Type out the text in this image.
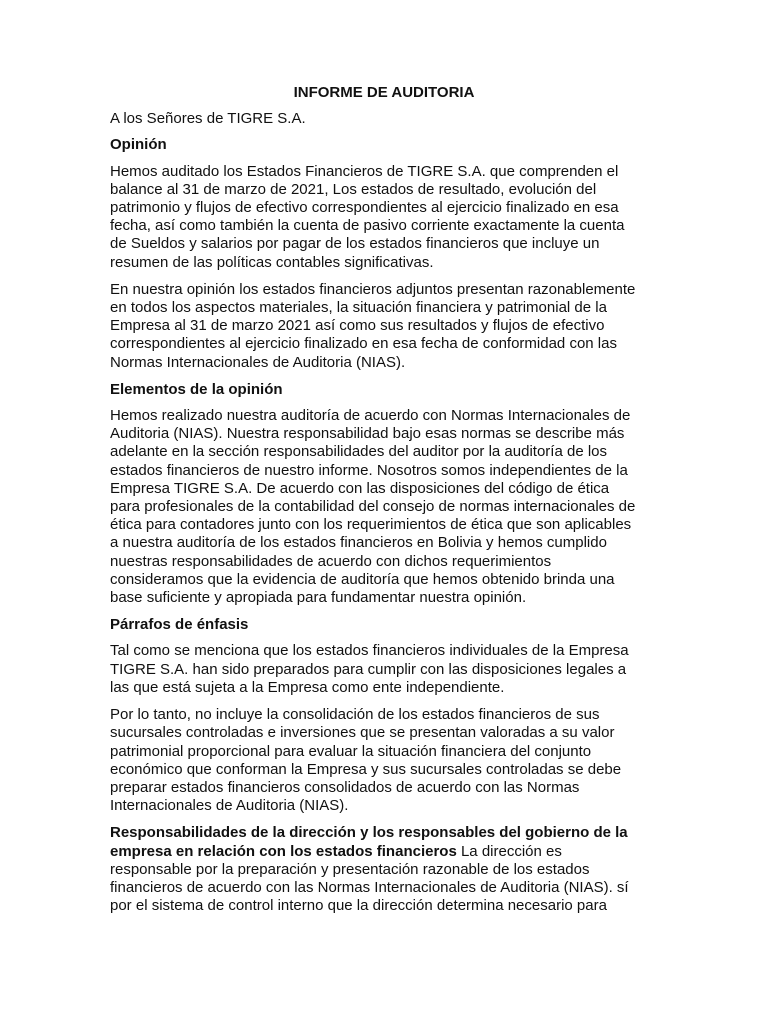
INFORME DE AUDITORIA
A los Señores de TIGRE S.A.
Opinión
Hemos auditado los Estados Financieros de TIGRE S.A. que comprenden el
balance al 31 de marzo de 2021, Los estados de resultado, evolución del
patrimonio y flujos de efectivo correspondientes al ejercicio finalizado en esa
fecha, así como también la cuenta de pasivo corriente exactamente la cuenta
de Sueldos y salarios por pagar de los estados financieros que incluye un
resumen de las políticas contables significativas.
En nuestra opinión los estados financieros adjuntos presentan razonablemente
en todos los aspectos materiales, la situación financiera y patrimonial de la
Empresa al 31 de marzo 2021 así como sus resultados y flujos de efectivo
correspondientes al ejercicio finalizado en esa fecha de conformidad con las
Normas Internacionales de Auditoria (NIAS).
Elementos de la opinión
Hemos realizado nuestra auditoría de acuerdo con Normas Internacionales de
Auditoria (NIAS). Nuestra responsabilidad bajo esas normas se describe más
adelante en la sección responsabilidades del auditor por la auditoría de los
estados financieros de nuestro informe. Nosotros somos independientes de la
Empresa TIGRE S.A. De acuerdo con las disposiciones del código de ética
para profesionales de la contabilidad del consejo de normas internacionales de
ética para contadores junto con los requerimientos de ética que son aplicables
a nuestra auditoría de los estados financieros en Bolivia y hemos cumplido
nuestras responsabilidades de acuerdo con dichos requerimientos
consideramos que la evidencia de auditoría que hemos obtenido brinda una
base suficiente y apropiada para fundamentar nuestra opinión.
Párrafos de énfasis
Tal como se menciona que los estados financieros individuales de la Empresa
TIGRE S.A. han sido preparados para cumplir con las disposiciones legales a
las que está sujeta a la Empresa como ente independiente.
Por lo tanto, no incluye la consolidación de los estados financieros de sus
sucursales controladas e inversiones que se presentan valoradas a su valor
patrimonial proporcional para evaluar la situación financiera del conjunto
económico que conforman la Empresa y sus sucursales controladas se debe
preparar estados financieros consolidados de acuerdo con las Normas
Internacionales de Auditoria (NIAS).
Responsabilidades de la dirección y los responsables del gobierno de la
empresa en relación con los estados financieros La dirección es
responsable por la preparación y presentación razonable de los estados
financieros de acuerdo con las Normas Internacionales de Auditoria (NIAS). sí
por el sistema de control interno que la dirección determina necesario para
